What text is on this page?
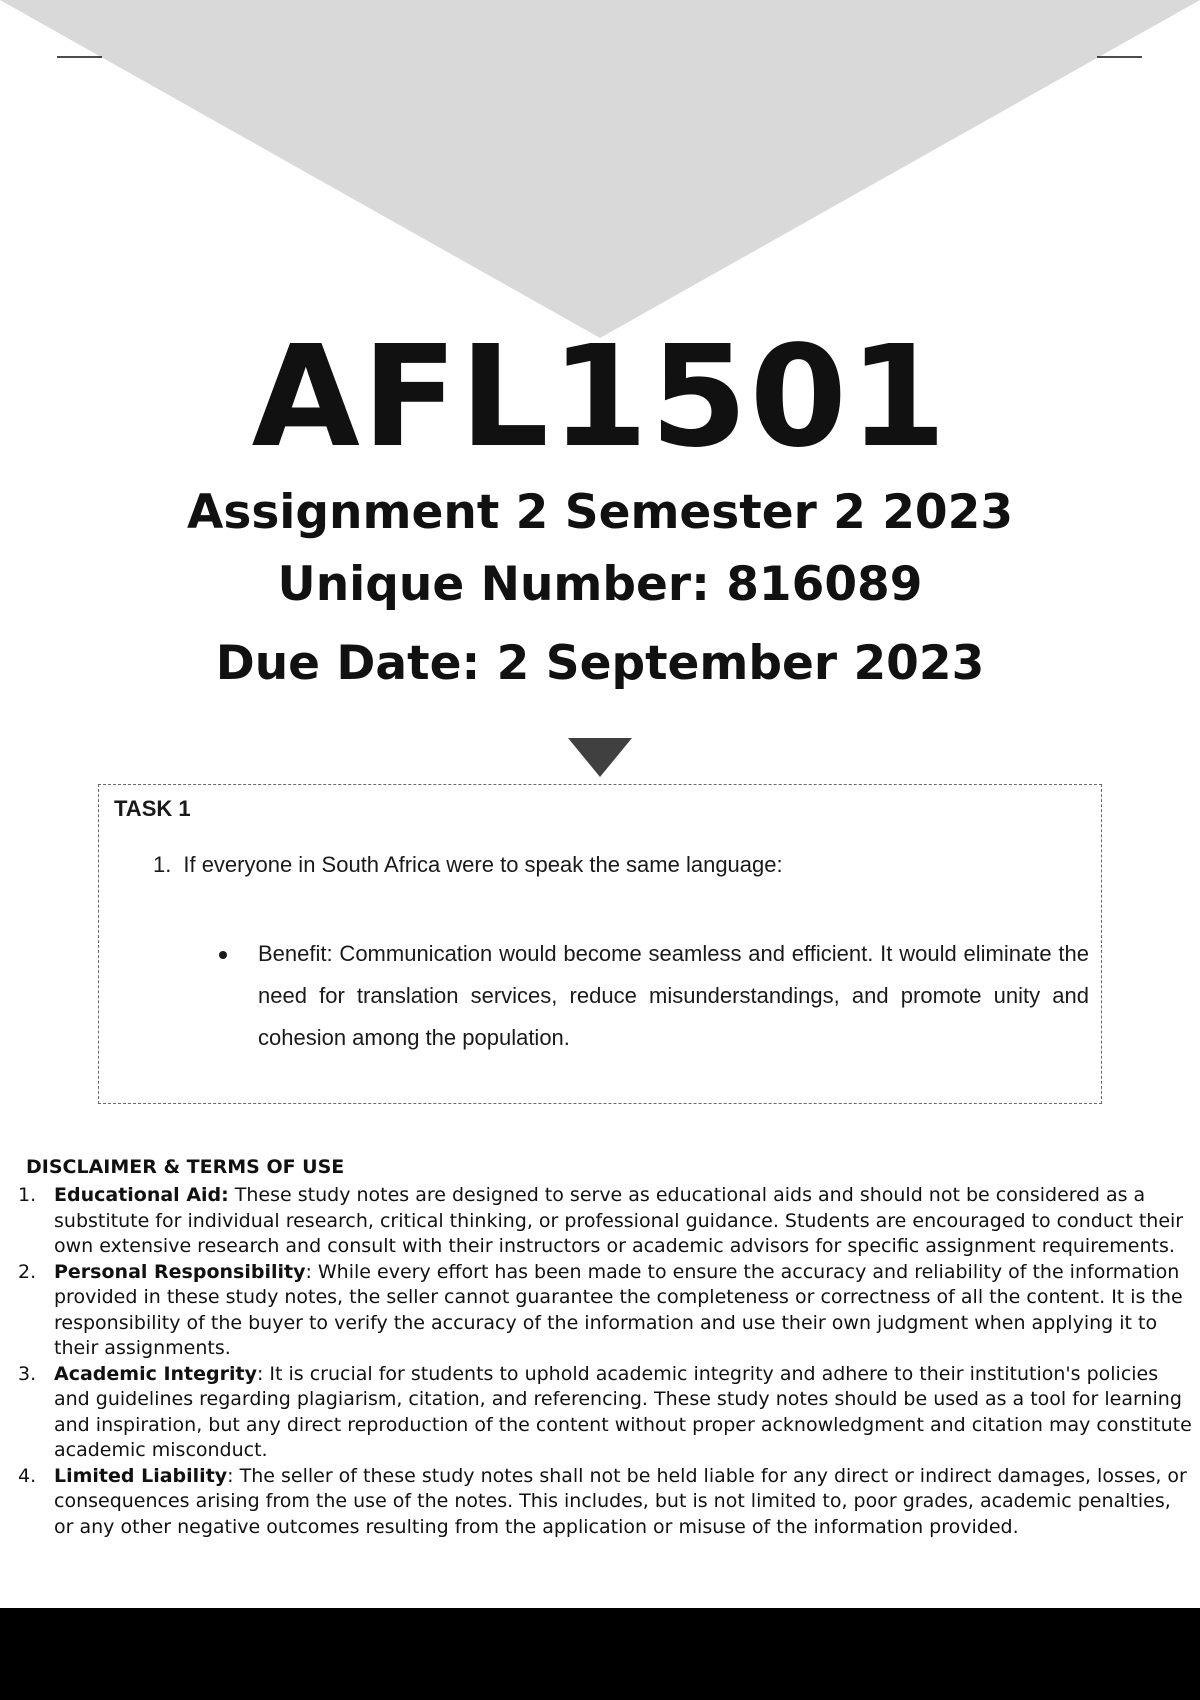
AFL1501
Assignment 2 Semester 2 2023
Unique Number: 816089
Due Date: 2 September 2023
TASK 1
1. If everyone in South Africa were to speak the same language:
Benefit: Communication would become seamless and efficient. It would eliminate the need for translation services, reduce misunderstandings, and promote unity and cohesion among the population.
DISCLAIMER & TERMS OF USE
1. Educational Aid: These study notes are designed to serve as educational aids and should not be considered as a substitute for individual research, critical thinking, or professional guidance. Students are encouraged to conduct their own extensive research and consult with their instructors or academic advisors for specific assignment requirements.
2. Personal Responsibility: While every effort has been made to ensure the accuracy and reliability of the information provided in these study notes, the seller cannot guarantee the completeness or correctness of all the content. It is the responsibility of the buyer to verify the accuracy of the information and use their own judgment when applying it to their assignments.
3. Academic Integrity: It is crucial for students to uphold academic integrity and adhere to their institution's policies and guidelines regarding plagiarism, citation, and referencing. These study notes should be used as a tool for learning and inspiration, but any direct reproduction of the content without proper acknowledgment and citation may constitute academic misconduct.
4. Limited Liability: The seller of these study notes shall not be held liable for any direct or indirect damages, losses, or consequences arising from the use of the notes. This includes, but is not limited to, poor grades, academic penalties, or any other negative outcomes resulting from the application or misuse of the information provided.
